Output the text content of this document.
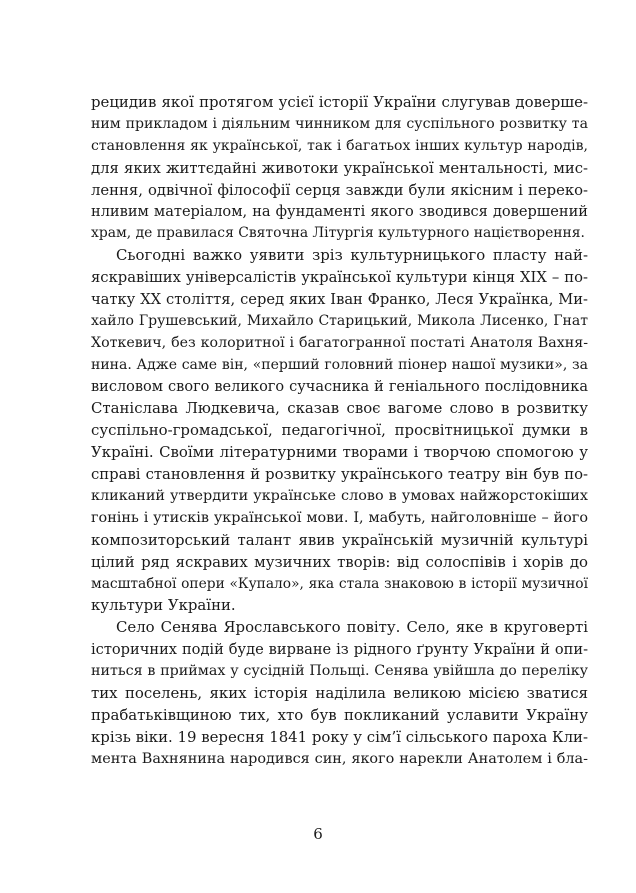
рецидив якої протягом усієї історії України слугував доверше-
ним прикладом і діяльним чинником для суспільного розвитку та
становлення як української, так і багатьох інших культур народів,
для яких життєдайні животоки української ментальності, мис-
лення, одвічної філософії серця завжди були якісним і переко-
нливим матеріалом, на фундаменті якого зводився довершений
храм, де правилася Святочна Літургія культурного націєтворення.
Сьогодні важко уявити зріз культурницького пласту най-
яскравіших універсалістів української культури кінця ХІХ – по-
чатку ХХ століття, серед яких Іван Франко, Леся Українка, Ми-
хайло Грушевський, Михайло Старицький, Микола Лисенко, Гнат
Хоткевич, без колоритної і багатогранної постаті Анатоля Вахня-
нина. Адже саме він, «перший головний піонер нашої музики», за
висловом свого великого сучасника й геніального послідовника
Станіслава Людкевича, сказав своє вагоме слово в розвитку
суспільно-громадської, педагогічної, просвітницької думки в
Україні. Своїми літературними творами і творчою спомогою у
справі становлення й розвитку українського театру він був по-
кликаний утвердити українське слово в умовах найжорстокіших
гонінь і утисків української мови. І, мабуть, найголовніше – його
композиторський талант явив українській музичній культурі
цілий ряд яскравих музичних творів: від солоспівів і хорів до
масштабної опери «Купало», яка стала знаковою в історії музичної
культури України.
Село Сенява Ярославського повіту. Село, яке в круговерті
історичних подій буде вирване із рідного ґрунту України й опи-
ниться в приймах у сусідній Польщі. Сенява увійшла до переліку
тих поселень, яких історія наділила великою місією зватися
прабатьківщиною тих, хто був покликаний уславити Україну
крізь віки. 19 вересня 1841 року у сім’ї сільського пароха Кли-
мента Вахнянина народився син, якого нарекли Анатолем і бла-
6
